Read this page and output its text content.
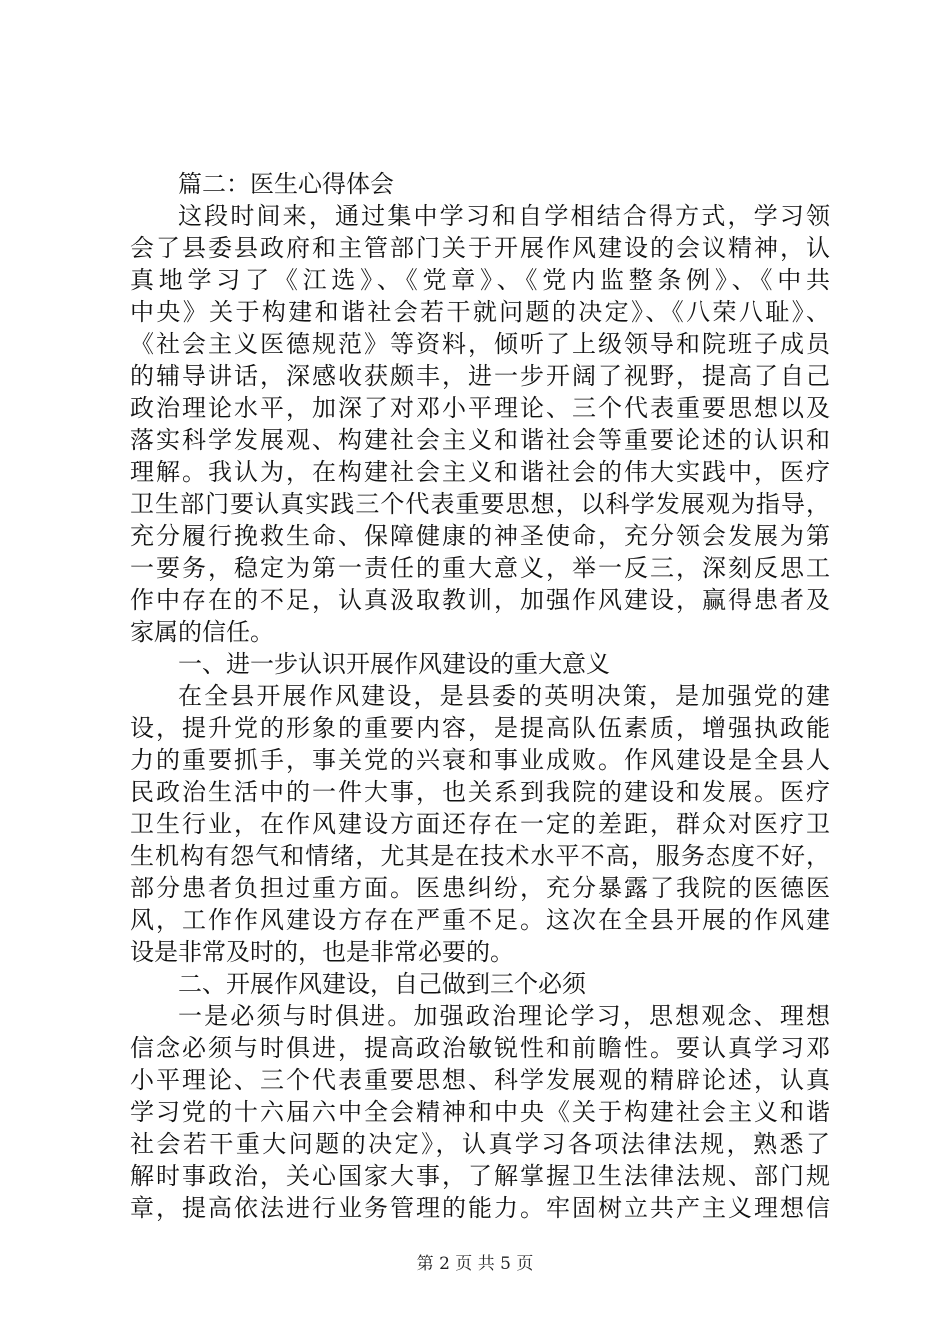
篇二：医生心得体会
这段时间来，通过集中学习和自学相结合得方式，学习领
会了县委县政府和主管部门关于开展作风建设的会议精神，认
真地学习了《江选》、《党章》、《党内监整条例》、《中共
中央》关于构建和谐社会若干就问题的决定》、《八荣八耻》、
《社会主义医德规范》等资料，倾听了上级领导和院班子成员
的辅导讲话，深感收获颇丰，进一步开阔了视野，提高了自己
政治理论水平，加深了对邓小平理论、三个代表重要思想以及
落实科学发展观、构建社会主义和谐社会等重要论述的认识和
理解。我认为，在构建社会主义和谐社会的伟大实践中，医疗
卫生部门要认真实践三个代表重要思想，以科学发展观为指导，
充分履行挽救生命、保障健康的神圣使命，充分领会发展为第
一要务，稳定为第一责任的重大意义，举一反三，深刻反思工
作中存在的不足，认真汲取教训，加强作风建设，赢得患者及
家属的信任。
一、进一步认识开展作风建设的重大意义
在全县开展作风建设，是县委的英明决策，是加强党的建
设，提升党的形象的重要内容，是提高队伍素质，增强执政能
力的重要抓手，事关党的兴衰和事业成败。作风建设是全县人
民政治生活中的一件大事，也关系到我院的建设和发展。医疗
卫生行业，在作风建设方面还存在一定的差距，群众对医疗卫
生机构有怨气和情绪，尤其是在技术水平不高，服务态度不好，
部分患者负担过重方面。医患纠纷，充分暴露了我院的医德医
风，工作作风建设方存在严重不足。这次在全县开展的作风建
设是非常及时的，也是非常必要的。
二、开展作风建设，自己做到三个必须
一是必须与时俱进。加强政治理论学习，思想观念、理想
信念必须与时俱进，提高政治敏锐性和前瞻性。要认真学习邓
小平理论、三个代表重要思想、科学发展观的精辟论述，认真
学习党的十六届六中全会精神和中央《关于构建社会主义和谐
社会若干重大问题的决定》，认真学习各项法律法规，熟悉了
解时事政治，关心国家大事，了解掌握卫生法律法规、部门规
章，提高依法进行业务管理的能力。牢固树立共产主义理想信
第 2 页 共 5 页
